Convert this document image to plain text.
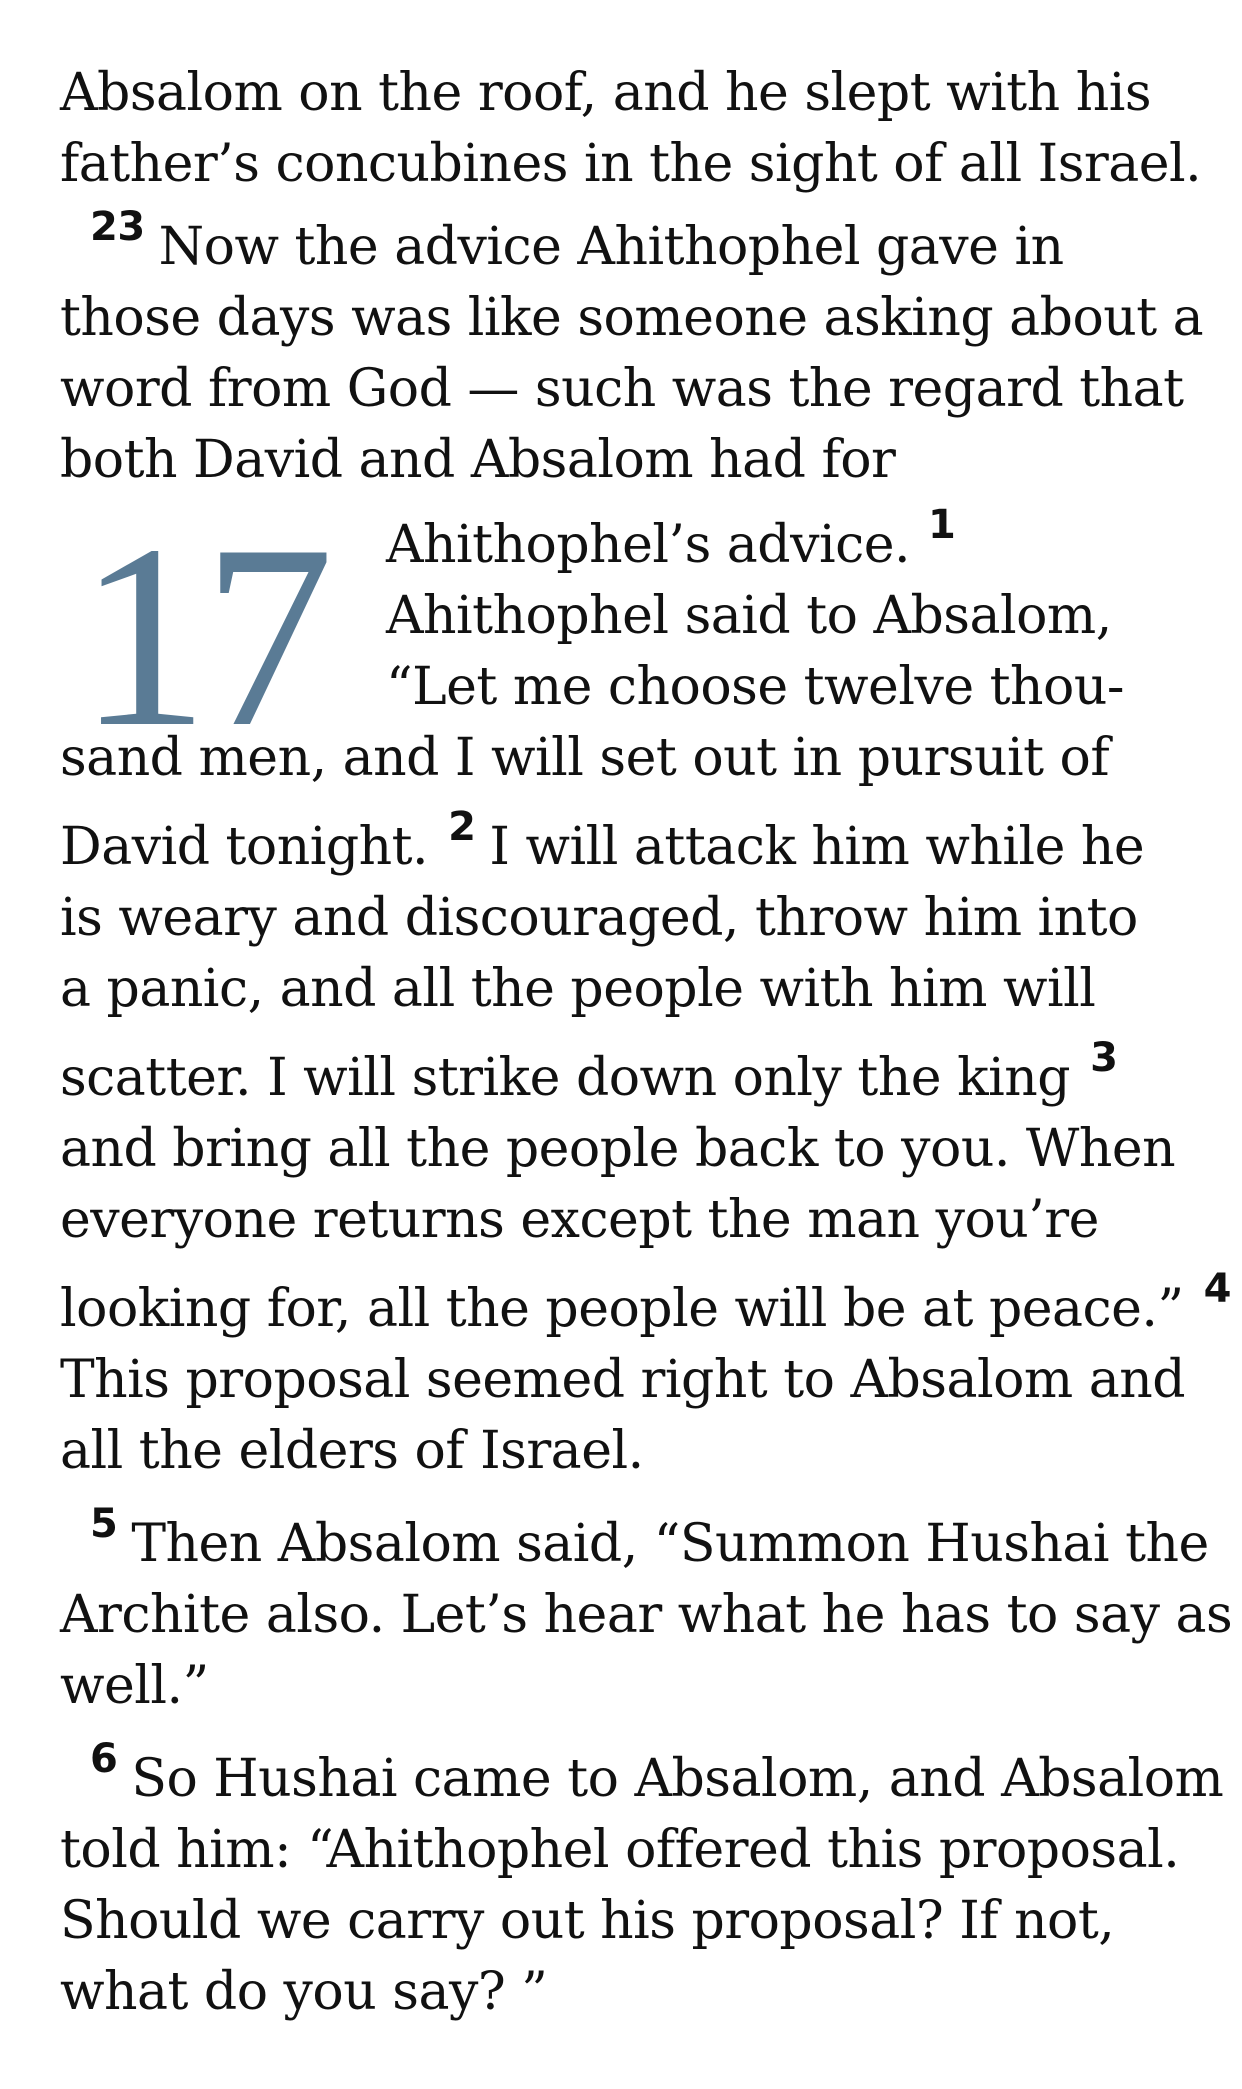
Absalom on the roof, and he slept with his
father’s concubines in the sight of all Israel.
$^{23}$ Now the advice Ahithophel gave in
those days was like someone asking about a
word from God — such was the regard that
both David and Absalom had for
17 Ahithophel’s advice. $^1$
Ahithophel said to Absalom,
“Let me choose twelve thou-
sand men, and I will set out in pursuit of
David tonight. $^2$ I will attack him while he
is weary and discouraged, throw him into
a panic, and all the people with him will
scatter. I will strike down only the king $^3$
and bring all the people back to you. When
everyone returns except the man you’re
looking for, all the people will be at peace.” $^4$
This proposal seemed right to Absalom and
all the elders of Israel.
$^5$ Then Absalom said, “Summon Hushai the
Archite also. Let’s hear what he has to say as
well.”
$^6$ So Hushai came to Absalom, and Absalom
told him: “Ahithophel offered this proposal.
Should we carry out his proposal? If not,
what do you say? ”
